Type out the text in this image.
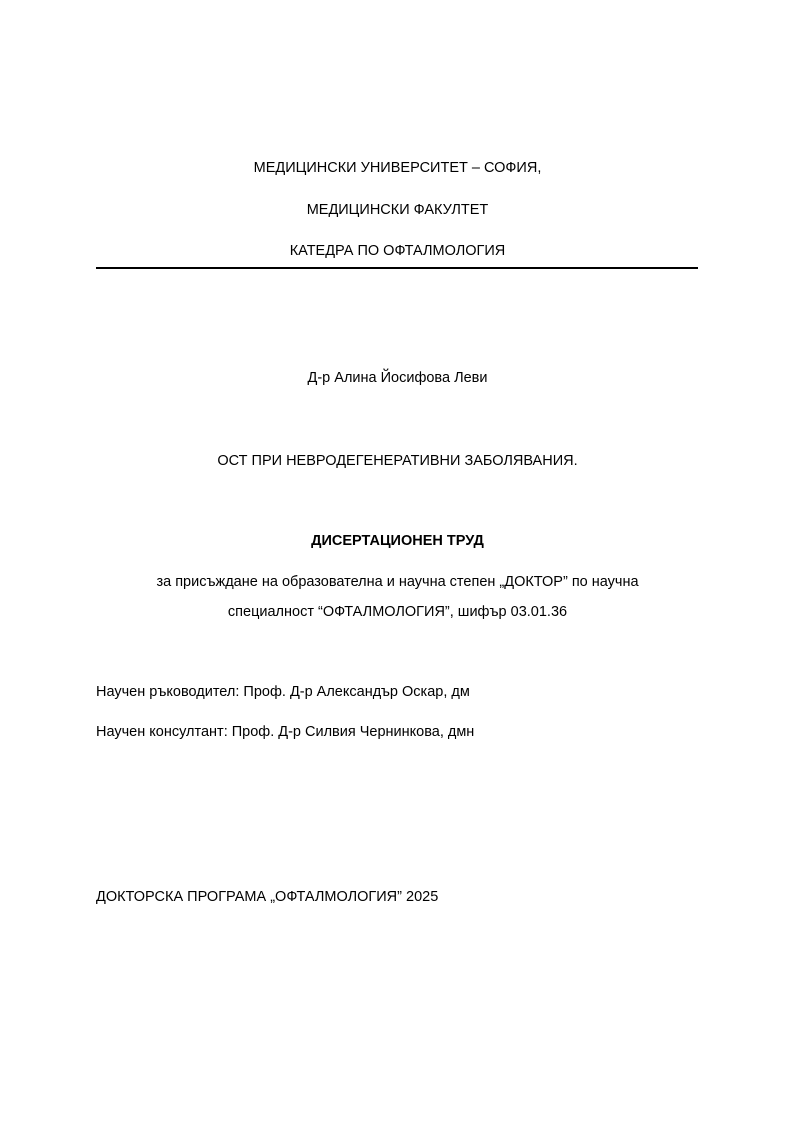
МЕДИЦИНСКИ УНИВЕРСИТЕТ – СОФИЯ,
МЕДИЦИНСКИ ФАКУЛТЕТ
КАТЕДРА ПО ОФТАЛМОЛОГИЯ
Д-р Алина Йосифова Леви
ОСТ ПРИ НЕВРОДЕГЕНЕРАТИВНИ ЗАБОЛЯВАНИЯ.
ДИСЕРТАЦИОНЕН ТРУД
за присъждане на образователна и научна степен „ДОКТОР” по научна
специалност “ОФТАЛМОЛОГИЯ”, шифър 03.01.36
Научен ръководител: Проф. Д-р Александър Оскар, дм
Научен консултант: Проф. Д-р Силвия Чернинкова, дмн
ДОКТОРСКА ПРОГРАМА „ОФТАЛМОЛОГИЯ” 2025
